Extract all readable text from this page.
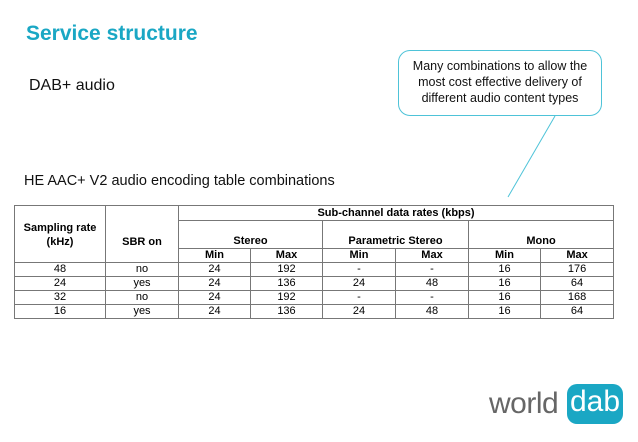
Service structure
DAB+ audio
Many combinations to allow the most cost effective delivery of different audio content types
HE AAC+ V2 audio encoding table combinations
		Sub-channel data rates (kbps)					

Sampling rate
(kHz)	SBR on	Stereo		Parametric Stereo		Mono	
		Min	Max	Min	Max	Min	Max
48	no	24	192	-	-	16	176
24	yes	24	136	24	48	16	64
32	no	24	192	-	-	16	168
16	yes	24	136	24	48	16	64
world dab
